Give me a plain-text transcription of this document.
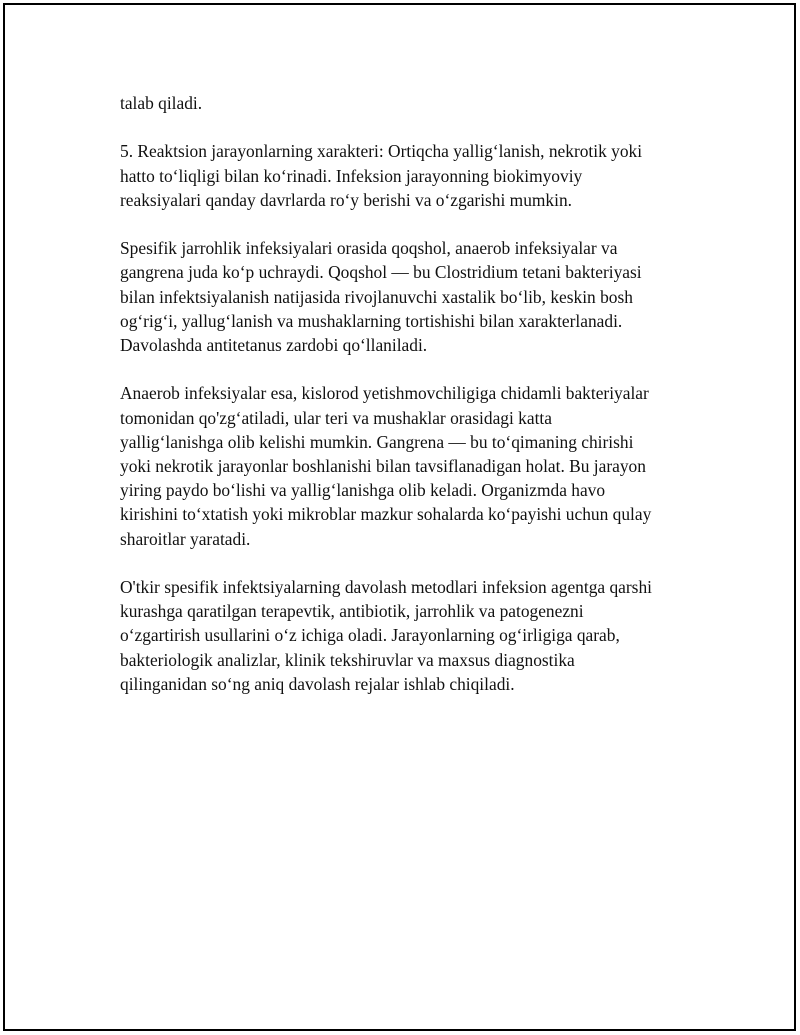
talab qiladi.

5. Reaktsion jarayonlarning xarakteri: Ortiqcha yallig‘lanish, nekrotik yoki
hatto to‘liqligi bilan ko‘rinadi. Infeksion jarayonning biokimyoviy
reaksiyalari qanday davrlarda ro‘y berishi va o‘zgarishi mumkin.

Spesifik jarrohlik infeksiyalari orasida qoqshol, anaerob infeksiyalar va
gangrena juda ko‘p uchraydi. Qoqshol — bu Clostridium tetani bakteriyasi
bilan infektsiyalanish natijasida rivojlanuvchi xastalik bo‘lib, keskin bosh
og‘rig‘i, yallug‘lanish va mushaklarning tortishishi bilan xarakterlanadi.
Davolashda antitetanus zardobi qo‘llaniladi.

Anaerob infeksiyalar esa, kislorod yetishmovchiligiga chidamli bakteriyalar
tomonidan qo'zg‘atiladi, ular teri va mushaklar orasidagi katta
yallig‘lanishga olib kelishi mumkin. Gangrena — bu to‘qimaning chirishi
yoki nekrotik jarayonlar boshlanishi bilan tavsiflanadigan holat. Bu jarayon
yiring paydo bo‘lishi va yallig‘lanishga olib keladi. Organizmda havo
kirishini to‘xtatish yoki mikroblar mazkur sohalarda ko‘payishi uchun qulay
sharoitlar yaratadi.

O'tkir spesifik infektsiyalarning davolash metodlari infeksion agentga qarshi
kurashga qaratilgan terapevtik, antibiotik, jarrohlik va patogenezni
o‘zgartirish usullarini o‘z ichiga oladi. Jarayonlarning og‘irligiga qarab,
bakteriologik analizlar, klinik tekshiruvlar va maxsus diagnostika
qilinganidan so‘ng aniq davolash rejalar ishlab chiqiladi.
